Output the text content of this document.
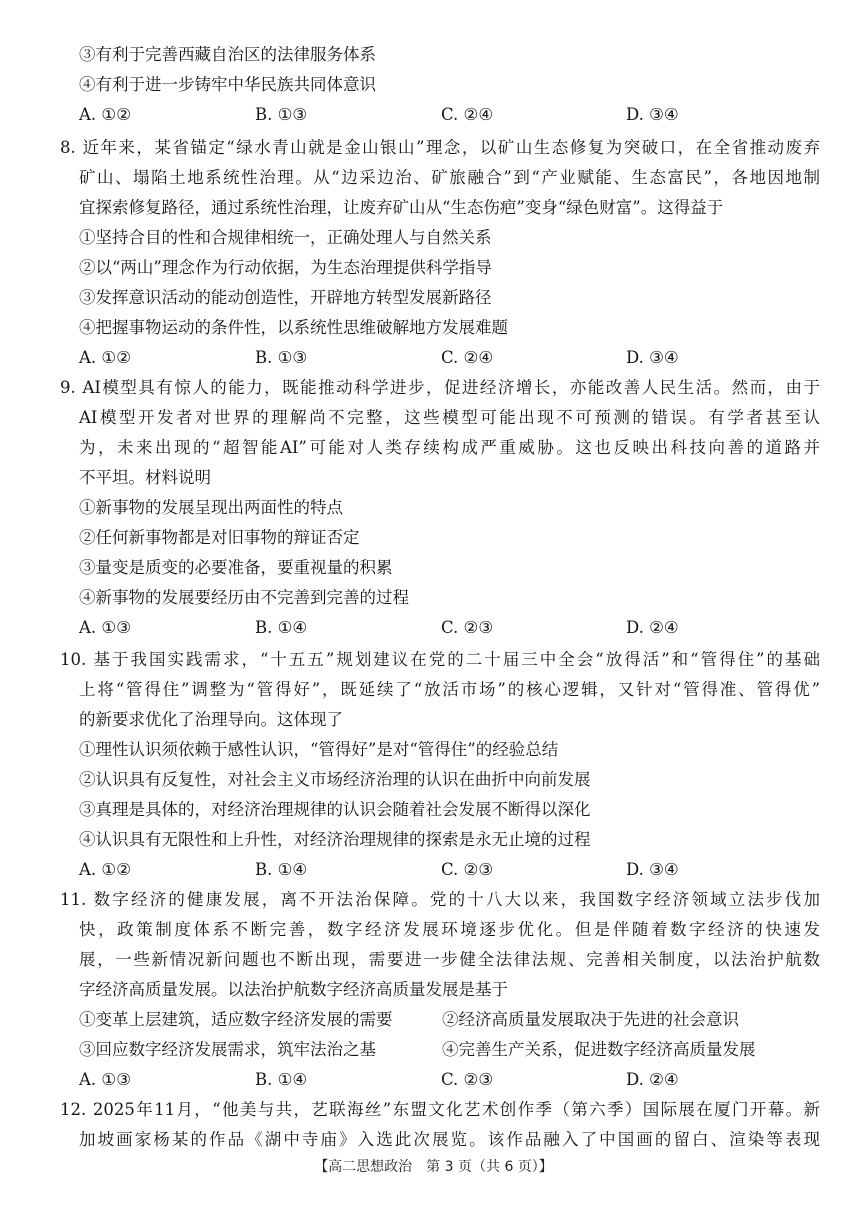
③有利于完善西藏自治区的法律服务体系
④有利于进一步铸牢中华民族共同体意识
A. ①②	B. ①③	C. ②④	D. ③④
8. 近年来，某省锚定“绿水青山就是金山银山”理念，以矿山生态修复为突破口，在全省推动废弃
矿山、塌陷土地系统性治理。从“边采边治、矿旅融合”到“产业赋能、生态富民”，各地因地制
宜探索修复路径，通过系统性治理，让废弃矿山从“生态伤疤”变身“绿色财富”。这得益于
①坚持合目的性和合规律相统一，正确处理人与自然关系
②以“两山”理念作为行动依据，为生态治理提供科学指导
③发挥意识活动的能动创造性，开辟地方转型发展新路径
④把握事物运动的条件性，以系统性思维破解地方发展难题
A. ①②	B. ①③	C. ②④	D. ③④
9. AI模型具有惊人的能力，既能推动科学进步，促进经济增长，亦能改善人民生活。然而，由于
AI模型开发者对世界的理解尚不完整，这些模型可能出现不可预测的错误。有学者甚至认
为，未来出现的“超智能AI”可能对人类存续构成严重威胁。这也反映出科技向善的道路并
不平坦。材料说明
①新事物的发展呈现出两面性的特点
②任何新事物都是对旧事物的辩证否定
③量变是质变的必要准备，要重视量的积累
④新事物的发展要经历由不完善到完善的过程
A. ①③	B. ①④	C. ②③	D. ②④
10. 基于我国实践需求，“十五五”规划建议在党的二十届三中全会“放得活”和“管得住”的基础
上将“管得住”调整为“管得好”，既延续了“放活市场”的核心逻辑，又针对“管得准、管得优”
的新要求优化了治理导向。这体现了
①理性认识须依赖于感性认识，“管得好”是对“管得住”的经验总结
②认识具有反复性，对社会主义市场经济治理的认识在曲折中向前发展
③真理是具体的，对经济治理规律的认识会随着社会发展不断得以深化
④认识具有无限性和上升性，对经济治理规律的探索是永无止境的过程
A. ①②	B. ①④	C. ②③	D. ③④
11. 数字经济的健康发展，离不开法治保障。党的十八大以来，我国数字经济领域立法步伐加
快，政策制度体系不断完善，数字经济发展环境逐步优化。但是伴随着数字经济的快速发
展，一些新情况新问题也不断出现，需要进一步健全法律法规、完善相关制度，以法治护航数
字经济高质量发展。以法治护航数字经济高质量发展是基于
①变革上层建筑，适应数字经济发展的需要	②经济高质量发展取决于先进的社会意识
③回应数字经济发展需求，筑牢法治之基	④完善生产关系，促进数字经济高质量发展
A. ①③	B. ①④	C. ②③	D. ②④
12. 2025年11月，“他美与共，艺联海丝”东盟文化艺术创作季（第六季）国际展在厦门开幕。新
加坡画家杨某的作品《湖中寺庙》入选此次展览。该作品融入了中国画的留白、渲染等表现
【高二思想政治　第 3 页（共 6 页）】
